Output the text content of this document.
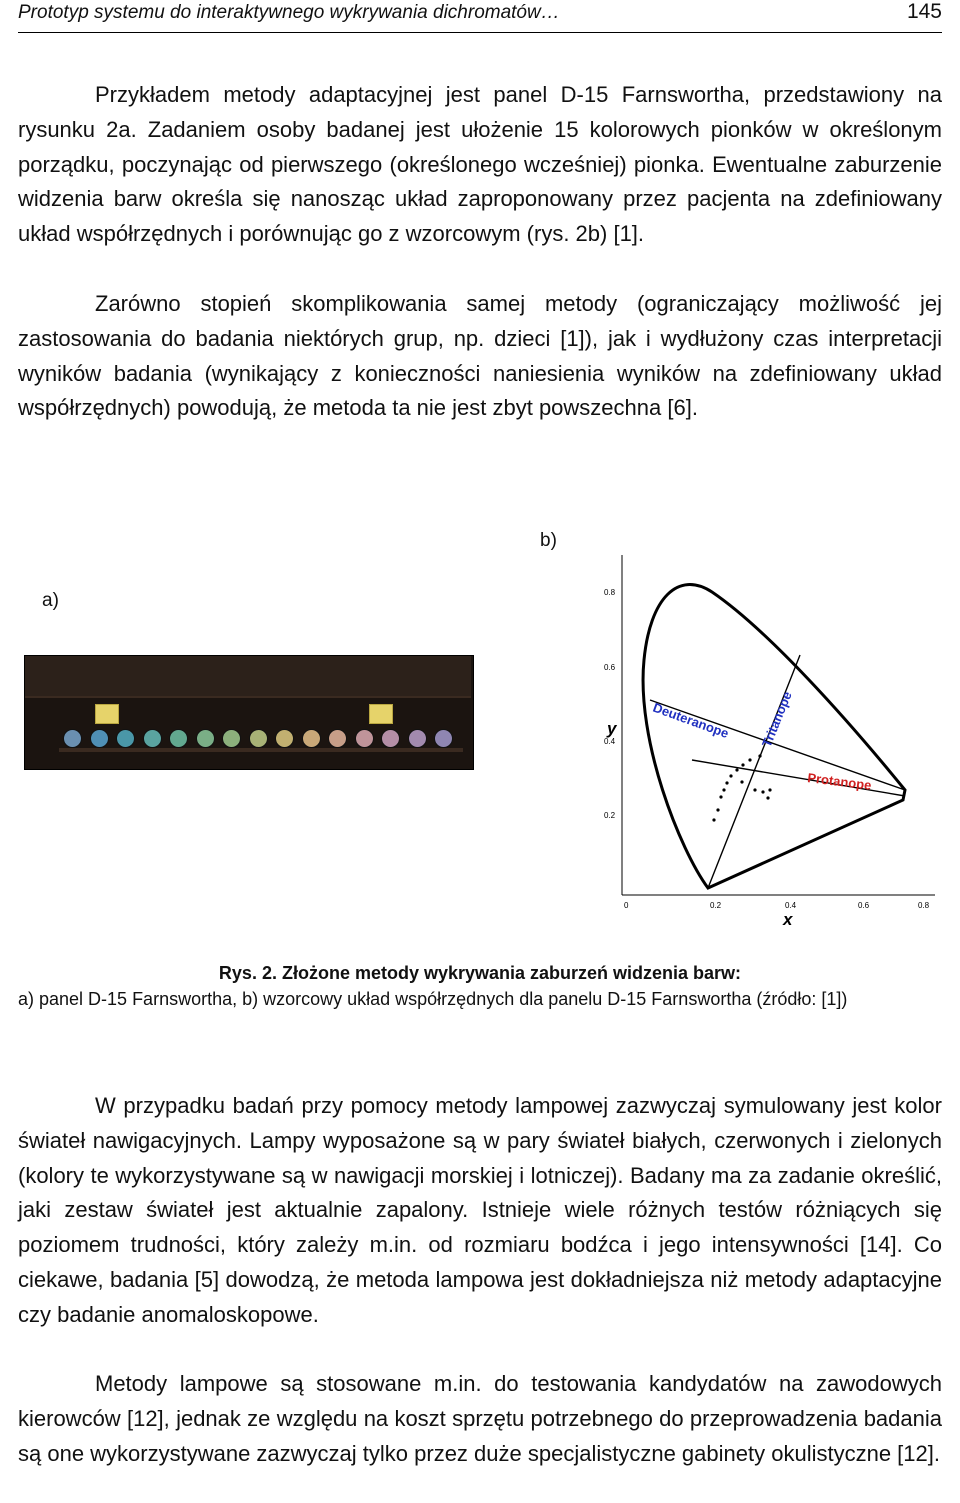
Prototyp systemu do interaktywnego wykrywania dichromatów…	145

Przykładem metody adaptacyjnej jest panel D-15 Farnswortha, przedstawiony na rysunku 2a. Zadaniem osoby badanej jest ułożenie 15 kolorowych pionków w określonym porządku, poczynając od pierwszego (określonego wcześniej) pionka. Ewentualne zaburzenie widzenia barw określa się nanosząc układ zaproponowany przez pacjenta na zdefiniowany układ współrzędnych i porównując go z wzorcowym (rys. 2b) [1].

Zarówno stopień skomplikowania samej metody (ograniczający możliwość jej zastosowania do badania niektórych grup, np. dzieci [1]), jak i wydłużony czas interpretacji wyników badania (wynikający z konieczności naniesienia wyników na zdefiniowany układ współrzędnych) powodują, że metoda ta nie jest zbyt powszechna [6].

b)
a)	0.8
0.6
0.4
0.2
0	0.2	0.4	0.6	0.8
y
x
Deuteranope Tritanope
Protanope
Rys. 2. Złożone metody wykrywania zaburzeń widzenia barw:
a) panel D-15 Farnswortha, b) wzorcowy układ współrzędnych dla panelu D-15 Farnswortha (źródło: [1])

W przypadku badań przy pomocy metody lampowej zazwyczaj symulowany jest kolor świateł nawigacyjnych. Lampy wyposażone są w pary świateł białych, czerwonych i zielonych (kolory te wykorzystywane są w nawigacji morskiej i lotniczej). Badany ma za zadanie określić, jaki zestaw świateł jest aktualnie zapalony. Istnieje wiele różnych testów różniących się poziomem trudności, który zależy m.in. od rozmiaru bodźca i jego intensywności [14]. Co ciekawe, badania [5] dowodzą, że metoda lampowa jest dokładniejsza niż metody adaptacyjne czy badanie anomaloskopowe.

Metody lampowe są stosowane m.in. do testowania kandydatów na zawodowych kierowców [12], jednak ze względu na koszt sprzętu potrzebnego do przeprowadzenia badania są one wykorzystywane zazwyczaj tylko przez duże specjalistyczne gabinety okulistyczne [12].
